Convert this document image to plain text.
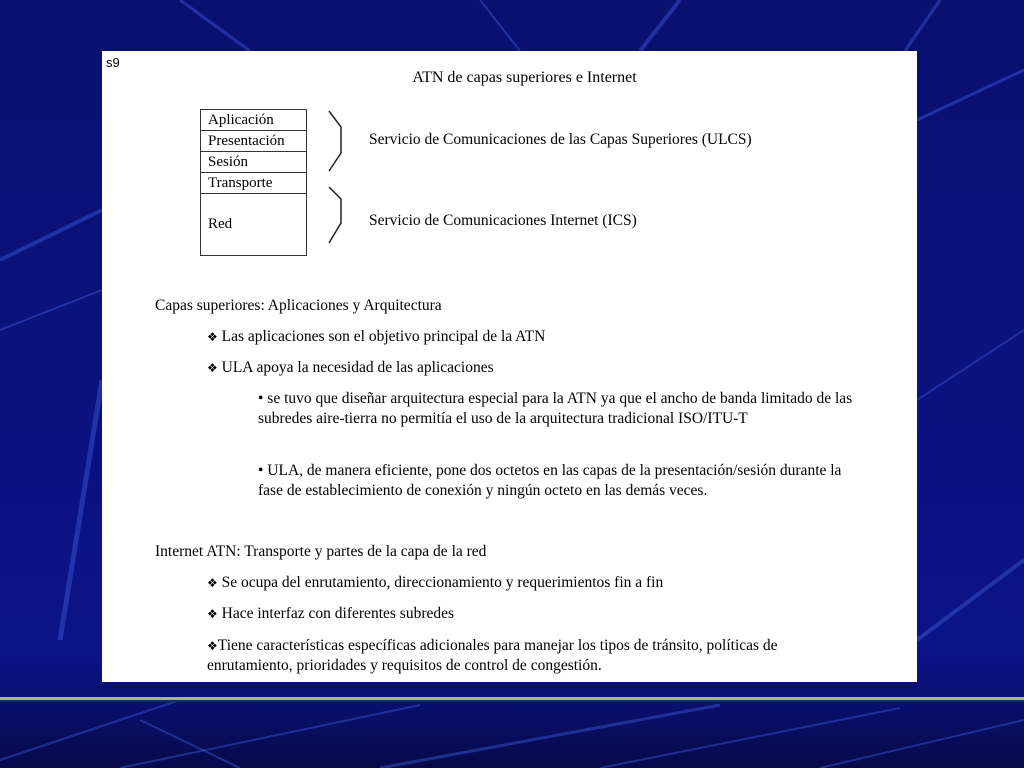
s9
ATN de capas superiores e Internet
Aplicación
Presentación
Sesión
Transporte
Red
Servicio de Comunicaciones de las Capas Superiores (ULCS)
Servicio de Comunicaciones Internet (ICS)
Capas superiores: Aplicaciones y Arquitectura
❖ Las aplicaciones son el objetivo principal de la ATN
❖ ULA apoya la necesidad de las aplicaciones
• se tuvo que diseñar arquitectura especial para la ATN ya que el ancho de banda limitado de las subredes aire-tierra no permitía el uso de la arquitectura tradicional ISO/ITU-T
• ULA, de manera eficiente, pone dos octetos en las capas de la presentación/sesión durante la fase de establecimiento de conexión y ningún octeto en las demás veces.
Internet ATN: Transporte y partes de la capa de la red
❖ Se ocupa del enrutamiento, direccionamiento y requerimientos fin a fin
❖ Hace interfaz con diferentes subredes
❖Tiene características específicas adicionales para manejar los tipos de tránsito, políticas de enrutamiento, prioridades y requisitos de control de congestión.
